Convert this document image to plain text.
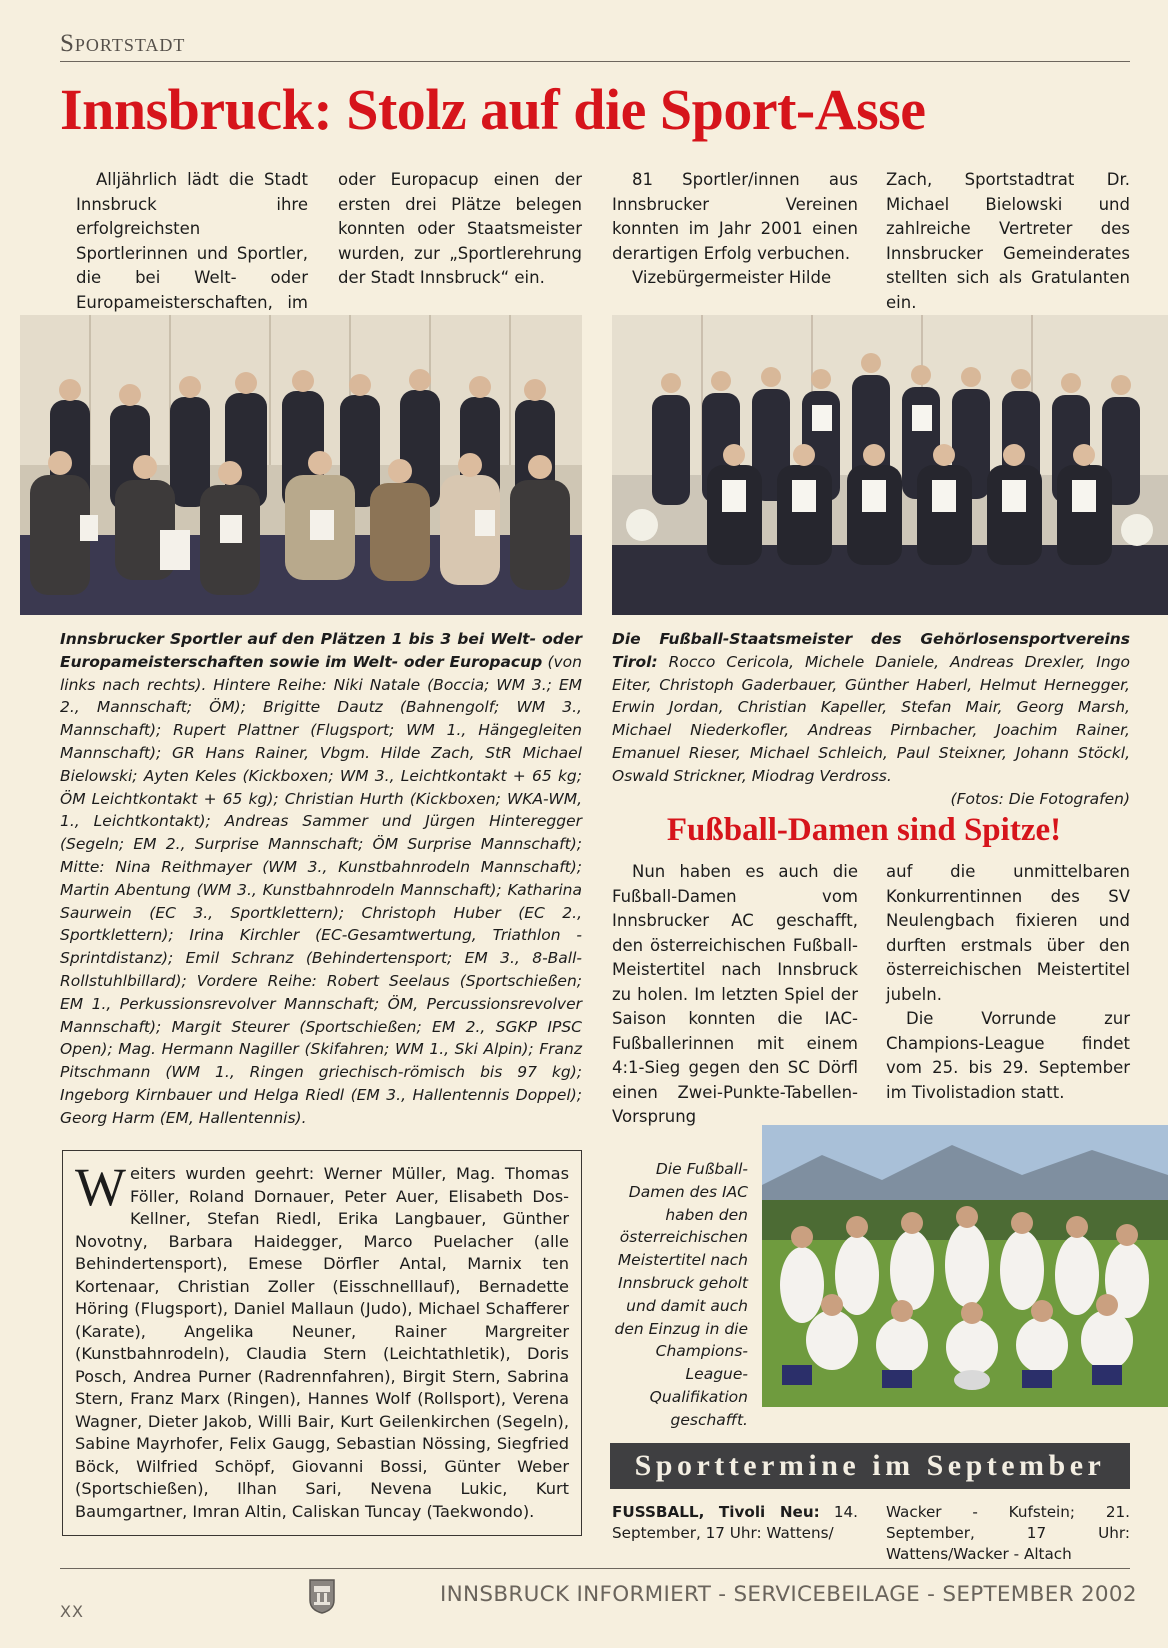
Sportstadt
Innsbruck: Stolz auf die Sport-Asse

Alljährlich lädt die Stadt Innsbruck ihre erfolgreichsten Sportlerinnen und Sportler, die bei Welt- oder Europameisterschaften, im

oder Europacup einen der ersten drei Plätze belegen konnten oder Staatsmeister wurden, zur „Sportlerehrung der Stadt Innsbruck“ ein.

81 Sportler/innen aus Innsbrucker Vereinen konnten im Jahr 2001 einen derartigen Erfolg verbuchen.

Vizebürgermeister Hilde

Zach, Sportstadtrat Dr. Michael Bielowski und zahlreiche Vertreter des Innsbrucker Gemeinderates stellten sich als Gratulanten ein.

Innsbrucker Sportler auf den Plätzen 1 bis 3 bei Welt- oder Europameisterschaften sowie im Welt- oder Europacup (von links nach rechts). Hintere Reihe: Niki Natale (Boccia; WM 3.; EM 2., Mannschaft; ÖM); Brigitte Dautz (Bahnengolf; WM 3., Mannschaft); Rupert Plattner (Flugsport; WM 1., Hängegleiten Mannschaft); GR Hans Rainer, Vbgm. Hilde Zach, StR Michael Bielowski; Ayten Keles (Kickboxen; WM 3., Leichtkontakt + 65 kg; ÖM Leichtkontakt + 65 kg); Christian Hurth (Kickboxen; WKA-WM, 1., Leichtkontakt); Andreas Sammer und Jürgen Hinteregger (Segeln; EM 2., Surprise Mannschaft; ÖM Surprise Mannschaft); Mitte: Nina Reithmayer (WM 3., Kunstbahnrodeln Mannschaft); Martin Abentung (WM 3., Kunstbahnrodeln Mannschaft); Katharina Saurwein (EC 3., Sportklettern); Christoph Huber (EC 2., Sportklettern); Irina Kirchler (EC-Gesamtwertung, Triathlon - Sprintdistanz); Emil Schranz (Behindertensport; EM 3., 8-Ball-Rollstuhlbillard); Vordere Reihe: Robert Seelaus (Sportschießen; EM 1., Perkussionsrevolver Mannschaft; ÖM, Percussionsrevolver Mannschaft); Margit Steurer (Sportschießen; EM 2., SGKP IPSC Open); Mag. Hermann Nagiller (Skifahren; WM 1., Ski Alpin); Franz Pitschmann (WM 1., Ringen griechisch-römisch bis 97 kg); Ingeborg Kirnbauer und Helga Riedl (EM 3., Hallentennis Doppel); Georg Harm (EM, Hallentennis).
Die Fußball-Staatsmeister des Gehörlosensportvereins Tirol: Rocco Cericola, Michele Daniele, Andreas Drexler, Ingo Eiter, Christoph Gaderbauer, Günther Haberl, Helmut Hernegger, Erwin Jordan, Christian Kapeller, Stefan Mair, Georg Marsh, Michael Niederkofler, Andreas Pirnbacher, Joachim Rainer, Emanuel Rieser, Michael Schleich, Paul Steixner, Johann Stöckl, Oswald Strickner, Miodrag Verdross.
(Fotos: Die Fotografen)
Fußball-Damen sind Spitze!

Nun haben es auch die Fußball-Damen vom Innsbrucker AC geschafft, den österreichischen Fußball-Meistertitel nach Innsbruck zu holen. Im letzten Spiel der Saison konnten die IAC-Fußballerinnen mit einem 4:1-Sieg gegen den SC Dörfl einen Zwei-Punkte-Tabellen-Vorsprung

auf die unmittelbaren Konkurrentinnen des SV Neulengbach fixieren und durften erstmals über den österreichischen Meistertitel jubeln.

Die Vorrunde zur Champions-League findet vom 25. bis 29. September im Tivolistadion statt.

Weiters wurden geehrt: Werner Müller, Mag. Thomas Föller, Roland Dornauer, Peter Auer, Elisabeth Dos-Kellner, Stefan Riedl, Erika Langbauer, Günther Novotny, Barbara Haidegger, Marco Puelacher (alle Behindertensport), Emese Dörfler Antal, Marnix ten Kortenaar, Christian Zoller (Eisschnelllauf), Bernadette Höring (Flugsport), Daniel Mallaun (Judo), Michael Schafferer (Karate), Angelika Neuner, Rainer Margreiter (Kunstbahnrodeln), Claudia Stern (Leichtathletik), Doris Posch, Andrea Purner (Radrennfahren), Birgit Stern, Sabrina Stern, Franz Marx (Ringen), Hannes Wolf (Rollsport), Verena Wagner, Dieter Jakob, Willi Bair, Kurt Geilenkirchen (Segeln), Sabine Mayrhofer, Felix Gaugg, Sebastian Nössing, Siegfried Böck, Wilfried Schöpf, Giovanni Bossi, Günter Weber (Sportschießen), Ilhan Sari, Nevena Lukic, Kurt Baumgartner, Imran Altin, Caliskan Tuncay (Taekwondo).
Die Fußball-Damen des IAC haben den österreichischen Meistertitel nach Innsbruck geholt und damit auch den Einzug in die Champions-League-Qualifikation geschafft.
Sporttermine im September
FUSSBALL, Tivoli Neu: 14. September, 17 Uhr: Wattens/
Wacker - Kufstein; 21. September, 17 Uhr: Wattens/Wacker - Altach
XX
INNSBRUCK INFORMIERT - SERVICEBEILAGE - SEPTEMBER 2002
